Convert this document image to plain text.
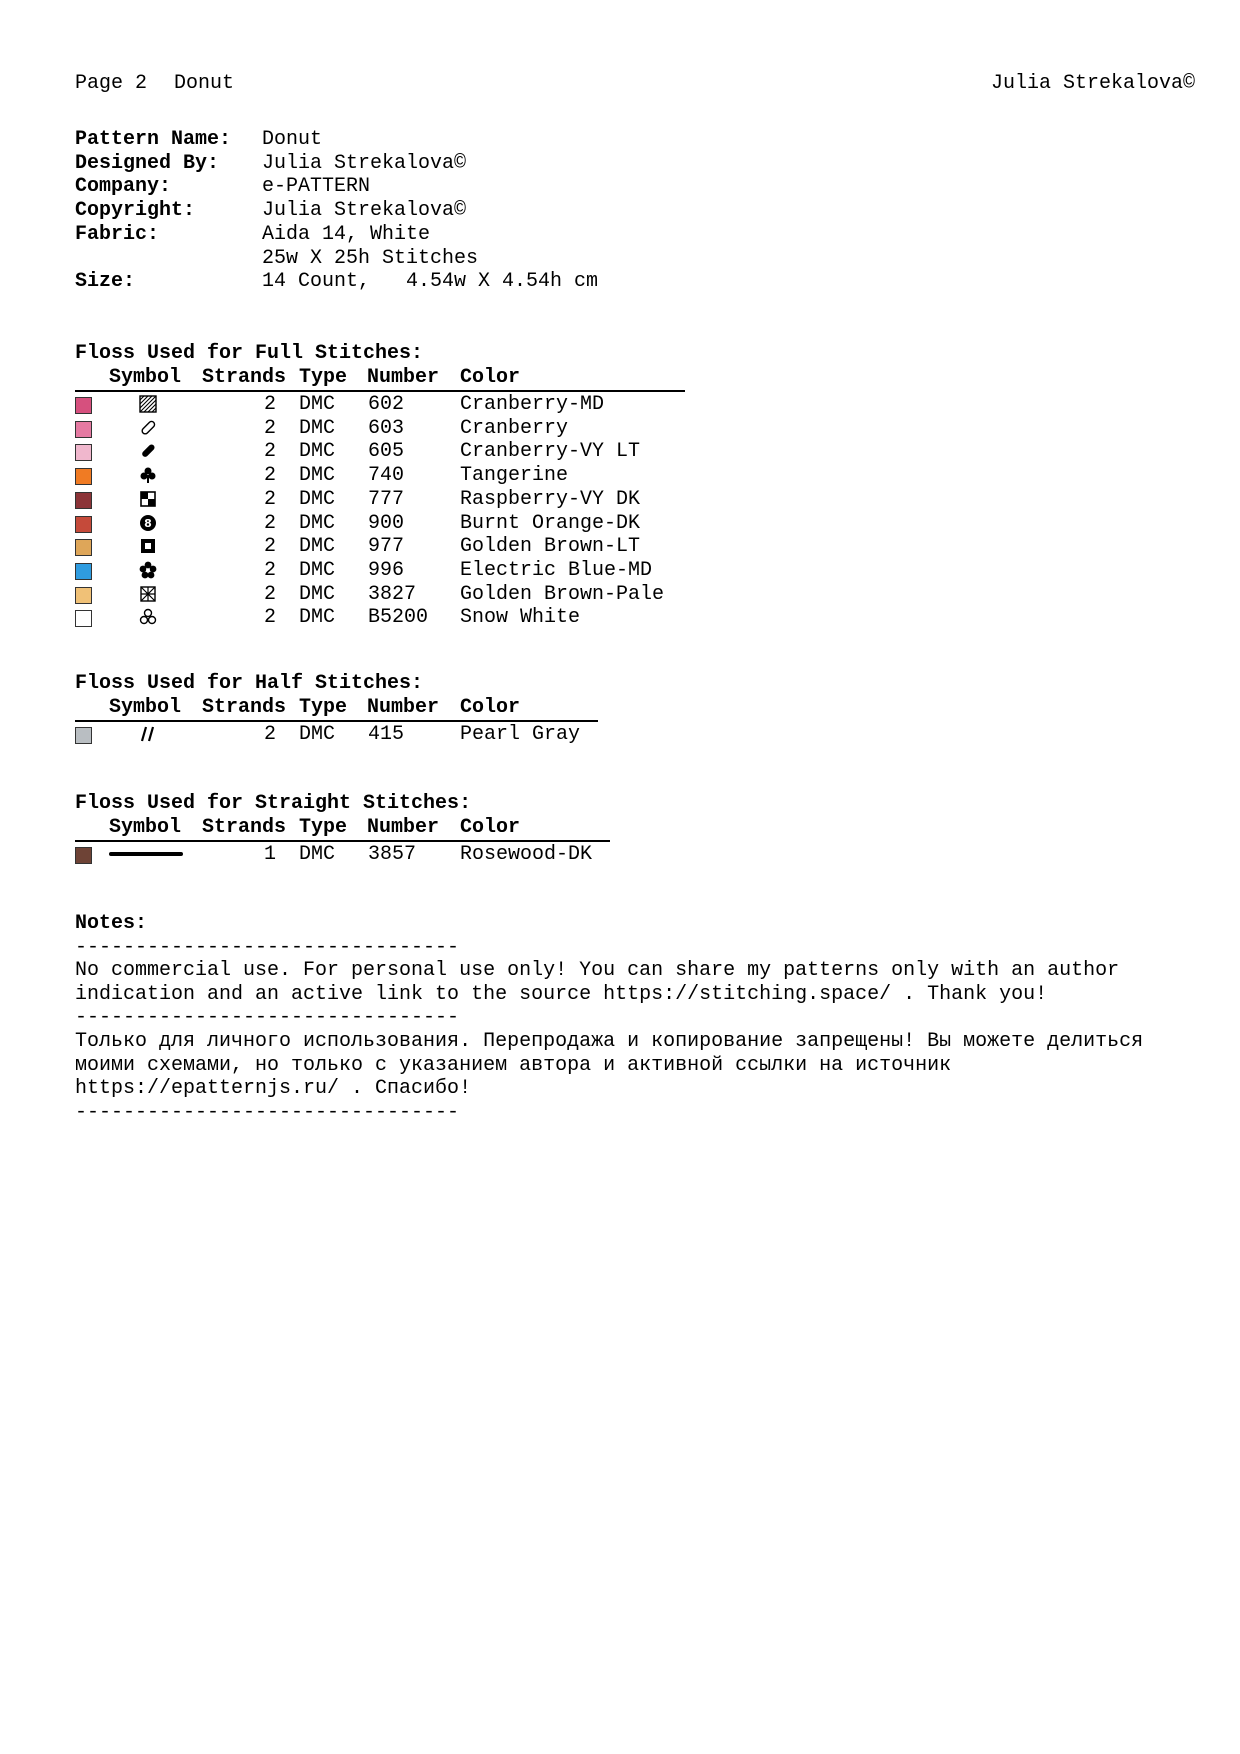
Page 2 Donut	Julia Strekalova©
Pattern Name: Donut
Designed By: Julia Strekalova©
Company:	e-PATTERN
Copyright:	Julia Strekalova©
Fabric:	Aida 14, White
25w X 25h Stitches
Size:	14 Count,   4.54w X 4.54h cm
Floss Used for Full Stitches:
Symbol Strands Type Number Color
2 DMC 602	Cranberry-MD
2 DMC 603	Cranberry
2 DMC 605	Cranberry-VY LT
2 DMC 740	Tangerine
2 DMC 777	Raspberry-VY DK
8	2 DMC 900	Burnt Orange-DK
2 DMC 977	Golden Brown-LT
2 DMC 996	Electric Blue-MD
2 DMC 3827 Golden Brown-Pale
2 DMC B5200 Snow White
Floss Used for Half Stitches:
Symbol Strands Type Number Color
2 DMC 415	Pearl Gray
Floss Used for Straight Stitches:
Symbol Strands Type Number Color
1 DMC 3857 Rosewood-DK
Notes:
--------------------------------
No commercial use. For personal use only! You can share my patterns only with an author
indication and an active link to the source https://stitching.space/ . Thank you!
--------------------------------
Только для личного использования. Перепродажа и копирование запрещены! Вы можете делиться
моими схемами, но только с указанием автора и активной ссылки на источник
https://epatternjs.ru/ . Спасибо!
--------------------------------
